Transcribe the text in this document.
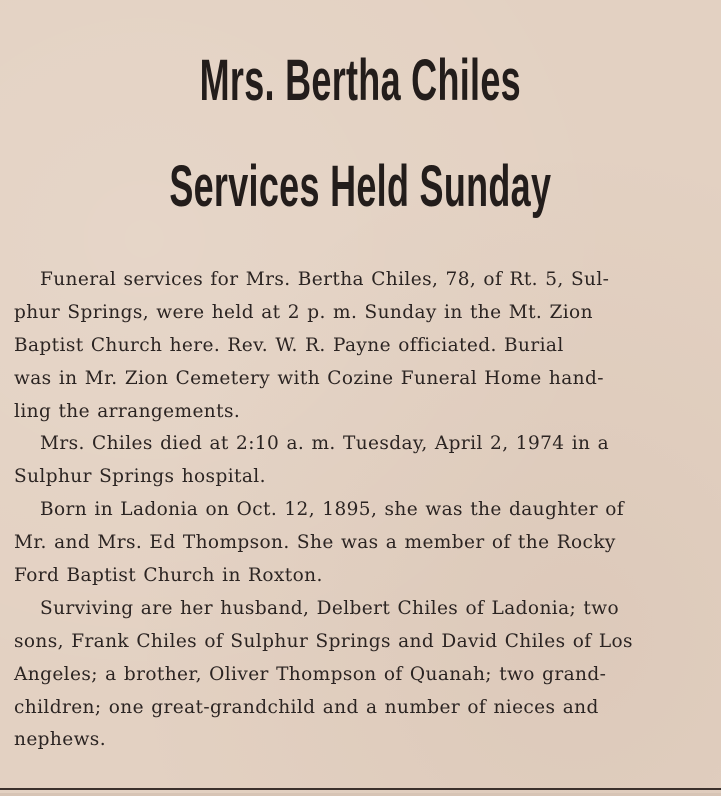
Mrs. Bertha Chiles
Services Held Sunday
Funeral services for Mrs. Bertha Chiles, 78, of Rt. 5, Sul-
phur Springs, were held at 2 p. m. Sunday in the Mt. Zion
Baptist Church here. Rev. W. R. Payne officiated. Burial
was in Mr. Zion Cemetery with Cozine Funeral Home hand-
ling the arrangements.
Mrs. Chiles died at 2:10 a. m. Tuesday, April 2, 1974 in a
Sulphur Springs hospital.
Born in Ladonia on Oct. 12, 1895, she was the daughter of
Mr. and Mrs. Ed Thompson. She was a member of the Rocky
Ford Baptist Church in Roxton.
Surviving are her husband, Delbert Chiles of Ladonia; two
sons, Frank Chiles of Sulphur Springs and David Chiles of Los
Angeles; a brother, Oliver Thompson of Quanah; two grand-
children; one great-grandchild and a number of nieces and
nephews.
